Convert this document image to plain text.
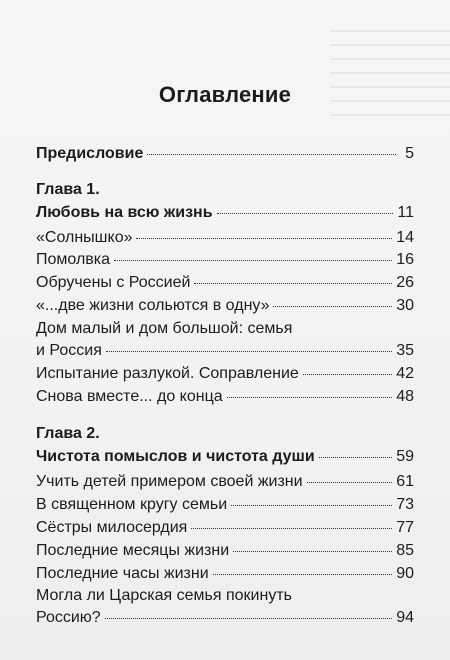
Оглавление
Предисловие	5
Глава 1.
Любовь на всю жизнь	11
«Солнышко»	14
Помолвка	16
Обручены с Россией	26
«...две жизни сольются в одну»	30
Дом малый и дом большой: семья
и Россия	35
Испытание разлукой. Соправление	42
Снова вместе... до конца	48
Глава 2.
Чистота помыслов и чистота души	59
Учить детей примером своей жизни	61
В священном кругу семьи	73
Сёстры милосердия	77
Последние месяцы жизни	85
Последние часы жизни	90
Могла ли Царская семья покинуть
Россию?	94
